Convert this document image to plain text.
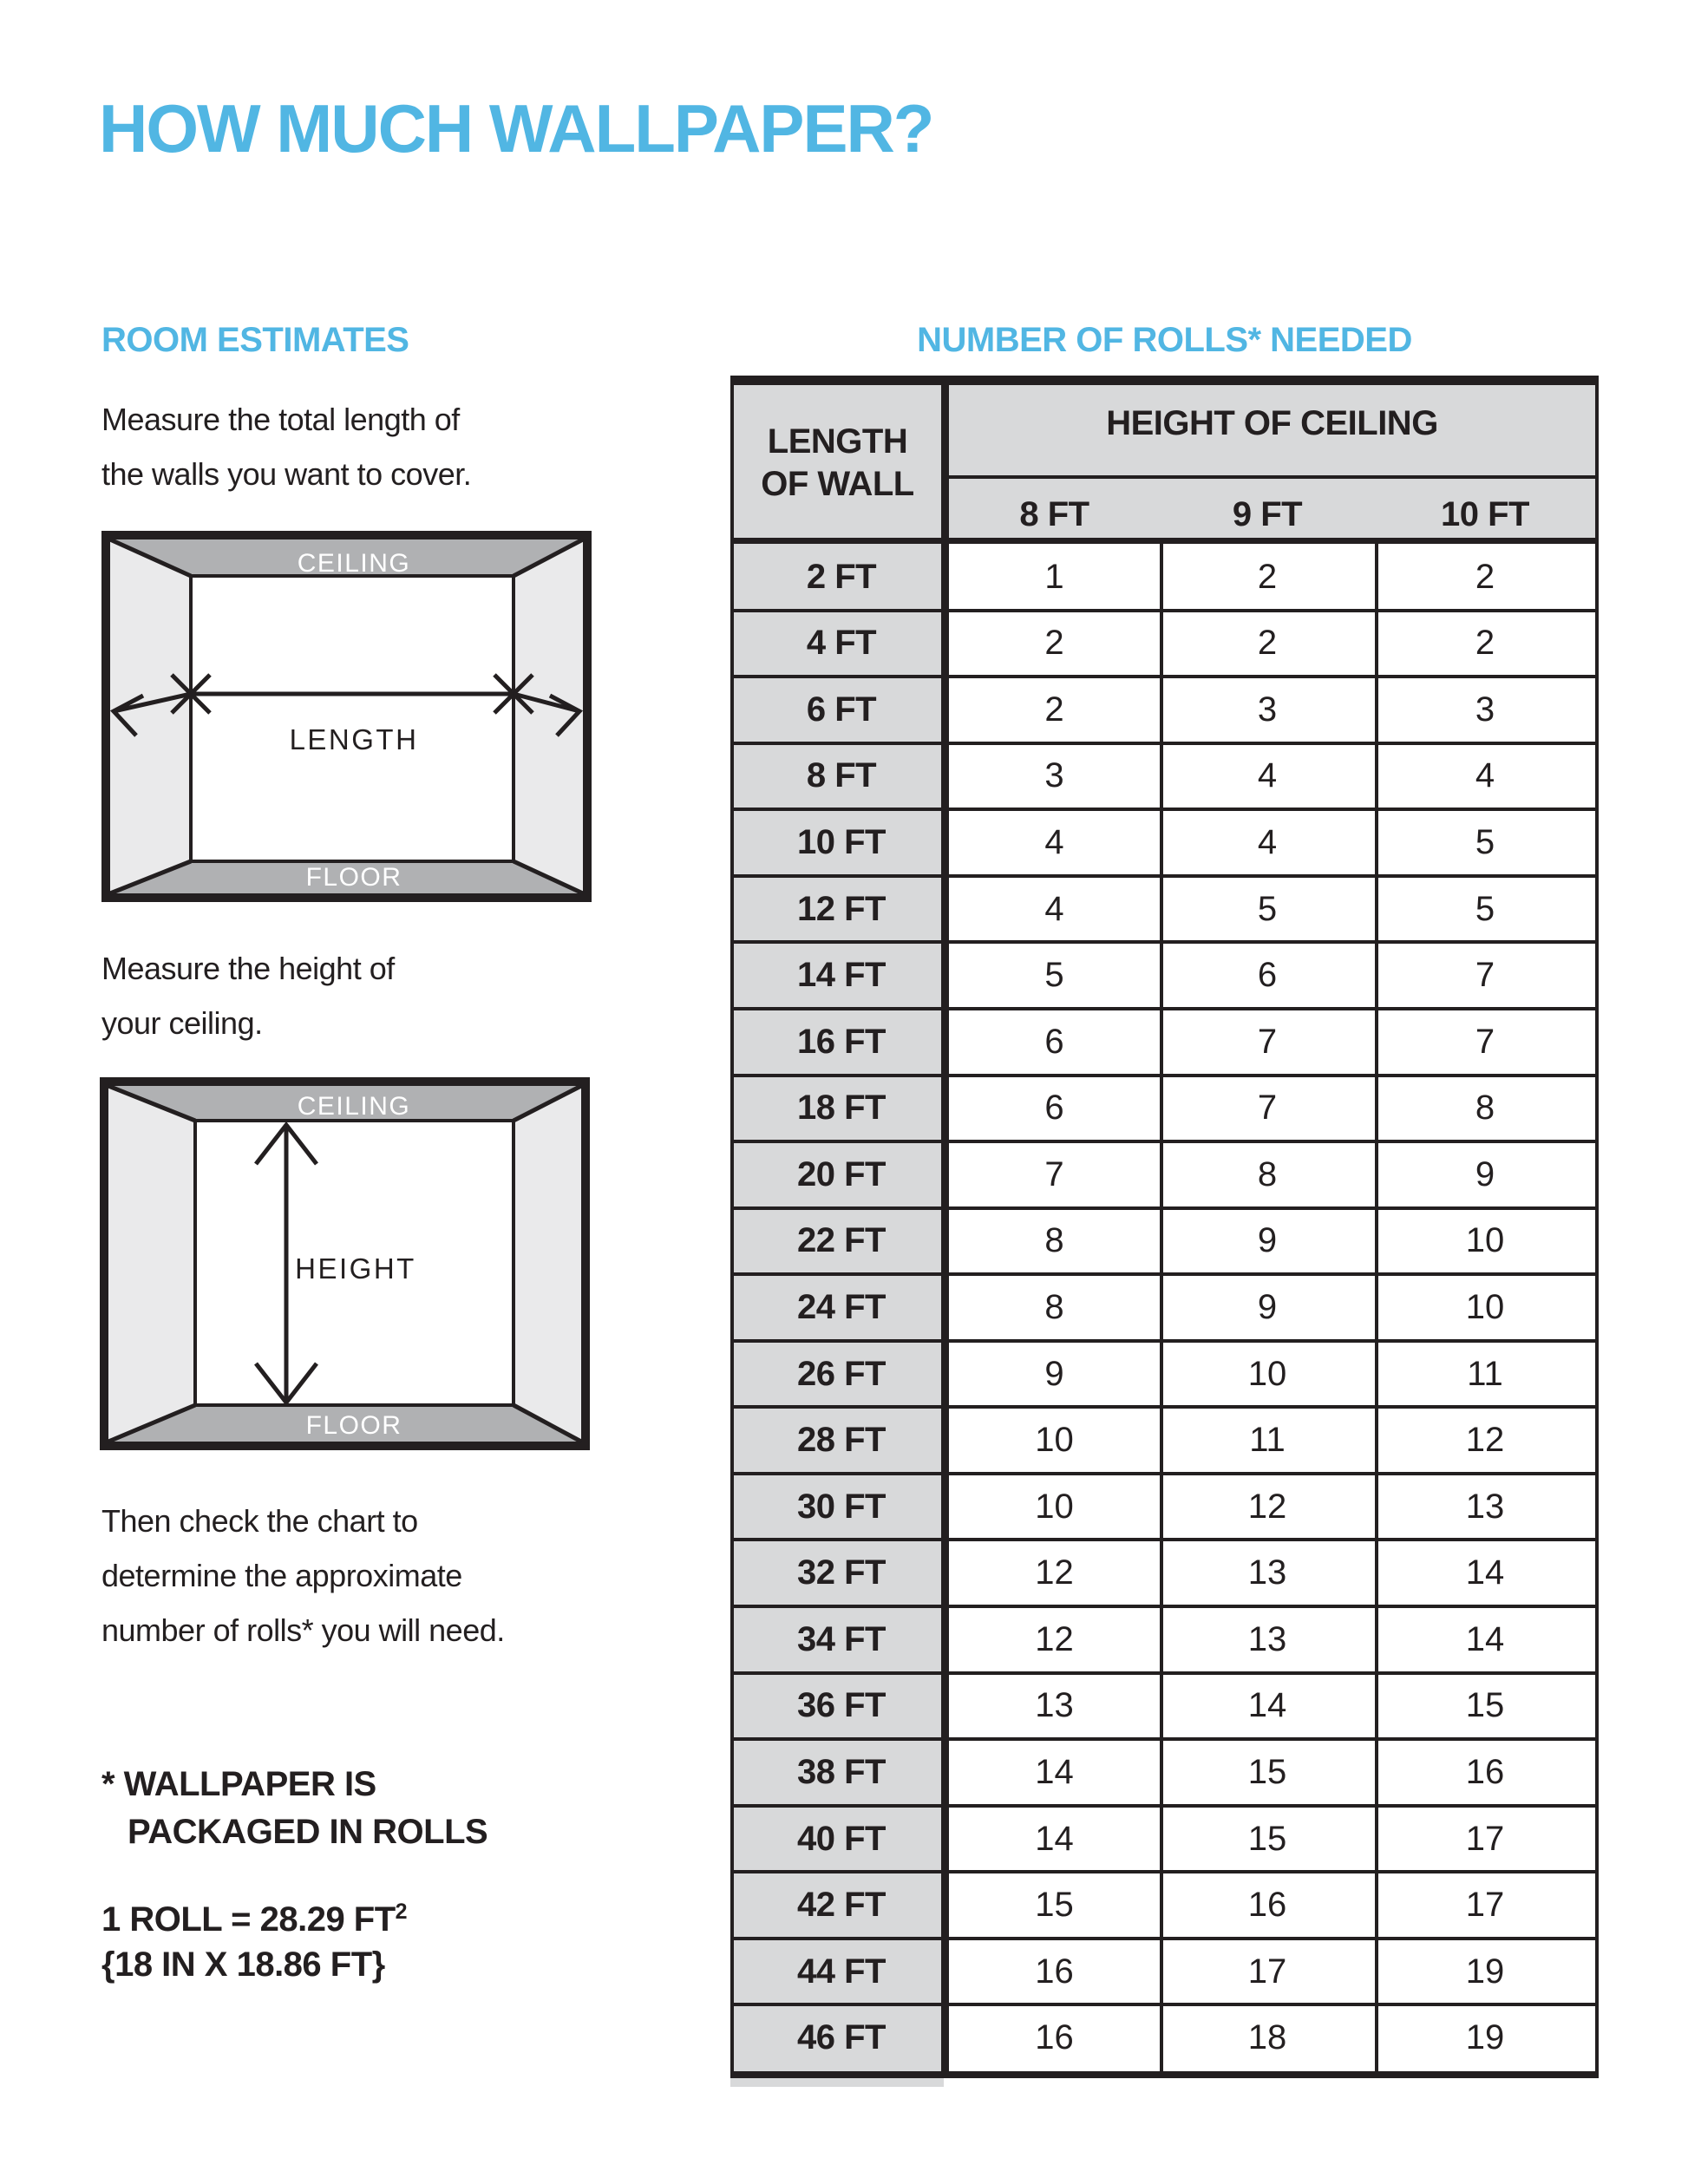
HOW MUCH WALLPAPER?
ROOM ESTIMATES
Measure the total length of
the walls you want to cover.
CEILING
FLOOR
LENGTH
Measure the height of
your ceiling.
CEILING
FLOOR
HEIGHT
Then check the chart to
determine the approximate
number of rolls* you will need.
* WALLPAPER IS
PACKAGED IN ROLLS
1 ROLL = 28.29 $FT^2$
{18 IN X 18.86 FT}
NUMBER OF ROLLS* NEEDED
LENGTH
OF WALL
HEIGHT OF CEILING
8 FT	9 FT	10 FT
2 FT	1	2	2
4 FT	2	2	2
6 FT	2	3	3
8 FT	3	4	4
10 FT	4	4	5
12 FT	4	5	5
14 FT	5	6	7
16 FT	6	7	7
18 FT	6	7	8
20 FT	7	8	9
22 FT	8	9	10
24 FT	8	9	10
26 FT	9	10	11
28 FT	10	11	12
30 FT	10	12	13
32 FT	12	13	14
34 FT	12	13	14
36 FT	13	14	15
38 FT	14	15	16
40 FT	14	15	17
42 FT	15	16	17
44 FT	16	17	19
46 FT	16	18	19
